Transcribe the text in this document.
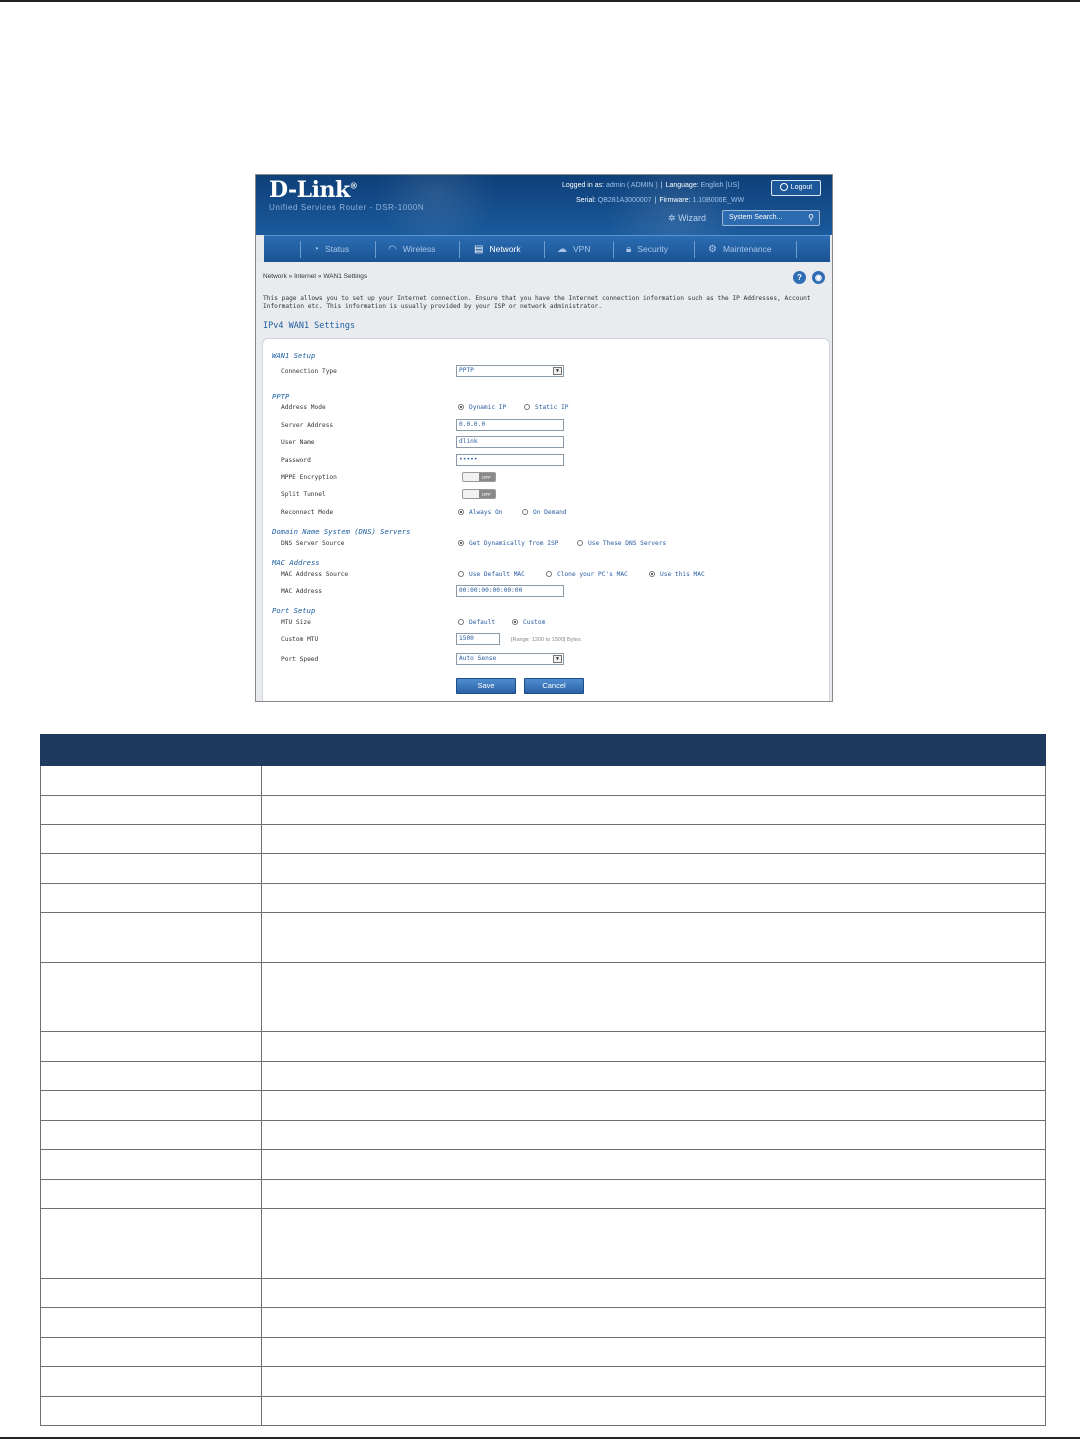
D-Link®
Unified Services Router - DSR-1000N
Logged in as: admin ( ADMIN ) | Language: English [US]	Logout
Serial: QB281A3000007 | Firmware: 1.10B006E_WW
✲ Wizard	System Search...	⚲
◔ Status	◠ Wireless	▤ Network	☁ VPN	🔒︎ Security	⚙ Maintenance
Network » Internet » WAN1 Settings	?	◉
This page allows you to set up your Internet connection. Ensure that you have the Internet connection information such as the IP Addresses, Account Information etc. This information is usually provided by your ISP or network administrator.
IPv4 WAN1 Settings
WAN1 Setup
Connection Type	PPTP	▼
PPTP
Address Mode	Dynamic IP	Static IP
Server Address	0.0.0.0
User Name	dlink
Password	•••••
MPPE Encryption	OFF
Split Tunnel	OFF
Reconnect Mode	Always On	On Demand
Domain Name System (DNS) Servers
DNS Server Source	Get Dynamically from ISP	Use These DNS Servers
MAC Address
MAC Address Source	Use Default MAC	Clone your PC's MAC	Use this MAC
MAC Address	00:00:00:00:00:00
Port Setup
MTU Size	Default	Custom
Custom MTU	1500	[Range: 1200 to 1500] Bytes
Port Speed	Auto Sense	▼
Save	Cancel
